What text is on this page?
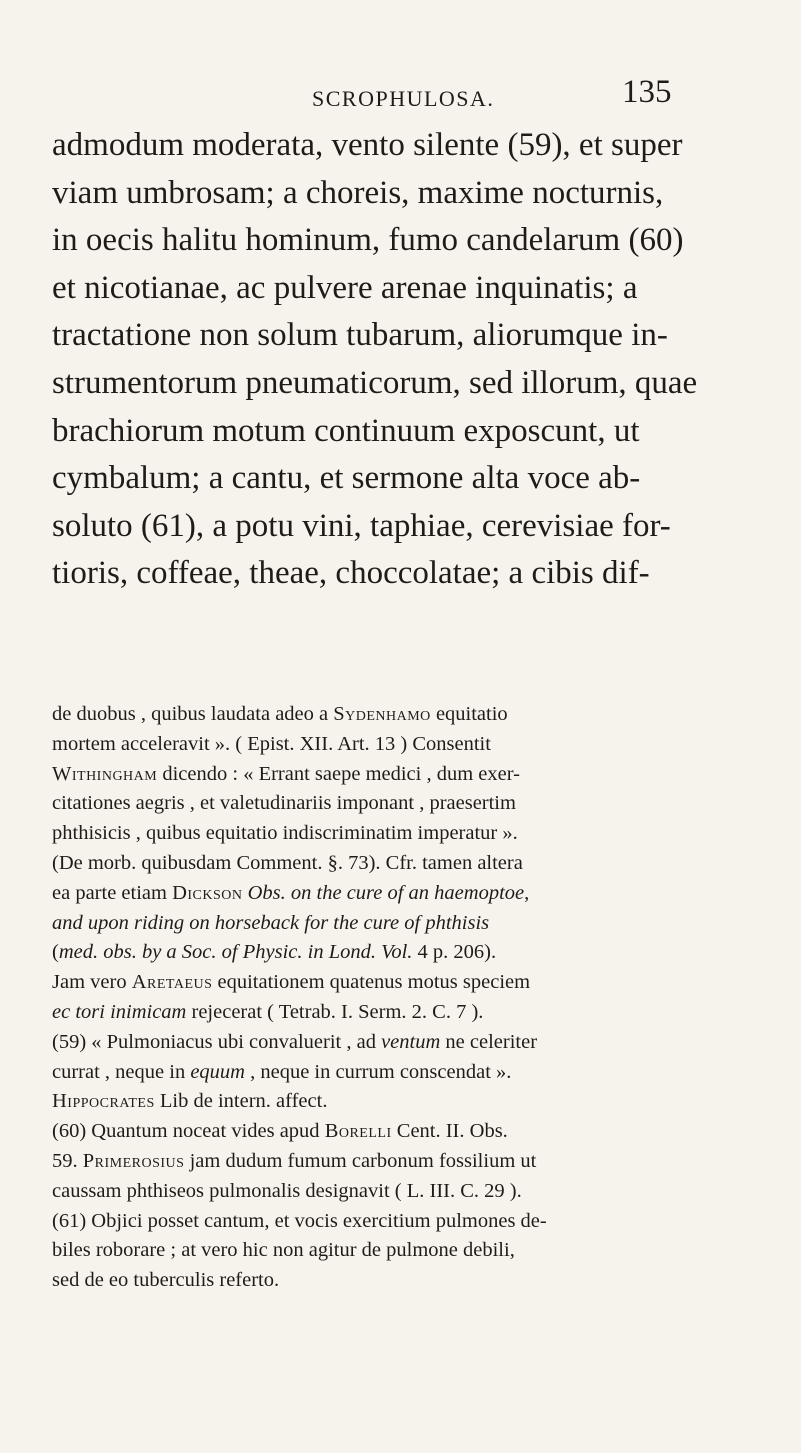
SCROPHULOSA.	135
admodum moderata, vento silente (59), et super
viam umbrosam; a choreis, maxime nocturnis,
in oecis halitu hominum, fumo candelarum (60)
et nicotianae, ac pulvere arenae inquinatis; a
tractatione non solum tubarum, aliorumque in-
strumentorum pneumaticorum, sed illorum, quae
brachiorum motum continuum exposcunt, ut
cymbalum; a cantu, et sermone alta voce ab-
soluto (61), a potu vini, taphiae, cerevisiae for-
tioris, coffeae, theae, choccolatae; a cibis dif-
de duobus , quibus laudata adeo a Sydenhamo equitatio
mortem acceleravit ». ( Epist. XII. Art. 13 ) Consentit
Withingham dicendo : « Errant saepe medici , dum exer-
citationes aegris , et valetudinariis imponant , praesertim
phthisicis , quibus equitatio indiscriminatim imperatur ».
(De morb. quibusdam Comment. §. 73). Cfr. tamen altera
ea parte etiam Dickson Obs. on the cure of an haemoptoe,
and upon riding on horseback for the cure of phthisis
(med. obs. by a Soc. of Physic. in Lond. Vol. 4 p. 206).
Jam vero Aretaeus equitationem quatenus motus speciem
ec tori inimicam rejecerat ( Tetrab. I. Serm. 2. C. 7 ).
(59) « Pulmoniacus ubi convaluerit , ad ventum ne celeriter
currat , neque in equum , neque in currum conscendat ».
Hippocrates Lib de intern. affect.
(60) Quantum noceat vides apud Borelli Cent. II. Obs.
59. Primerosius jam dudum fumum carbonum fossilium ut
caussam phthiseos pulmonalis designavit ( L. III. C. 29 ).
(61) Objici posset cantum, et vocis exercitium pulmones de-
biles roborare ; at vero hic non agitur de pulmone debili,
sed de eo tuberculis referto.
